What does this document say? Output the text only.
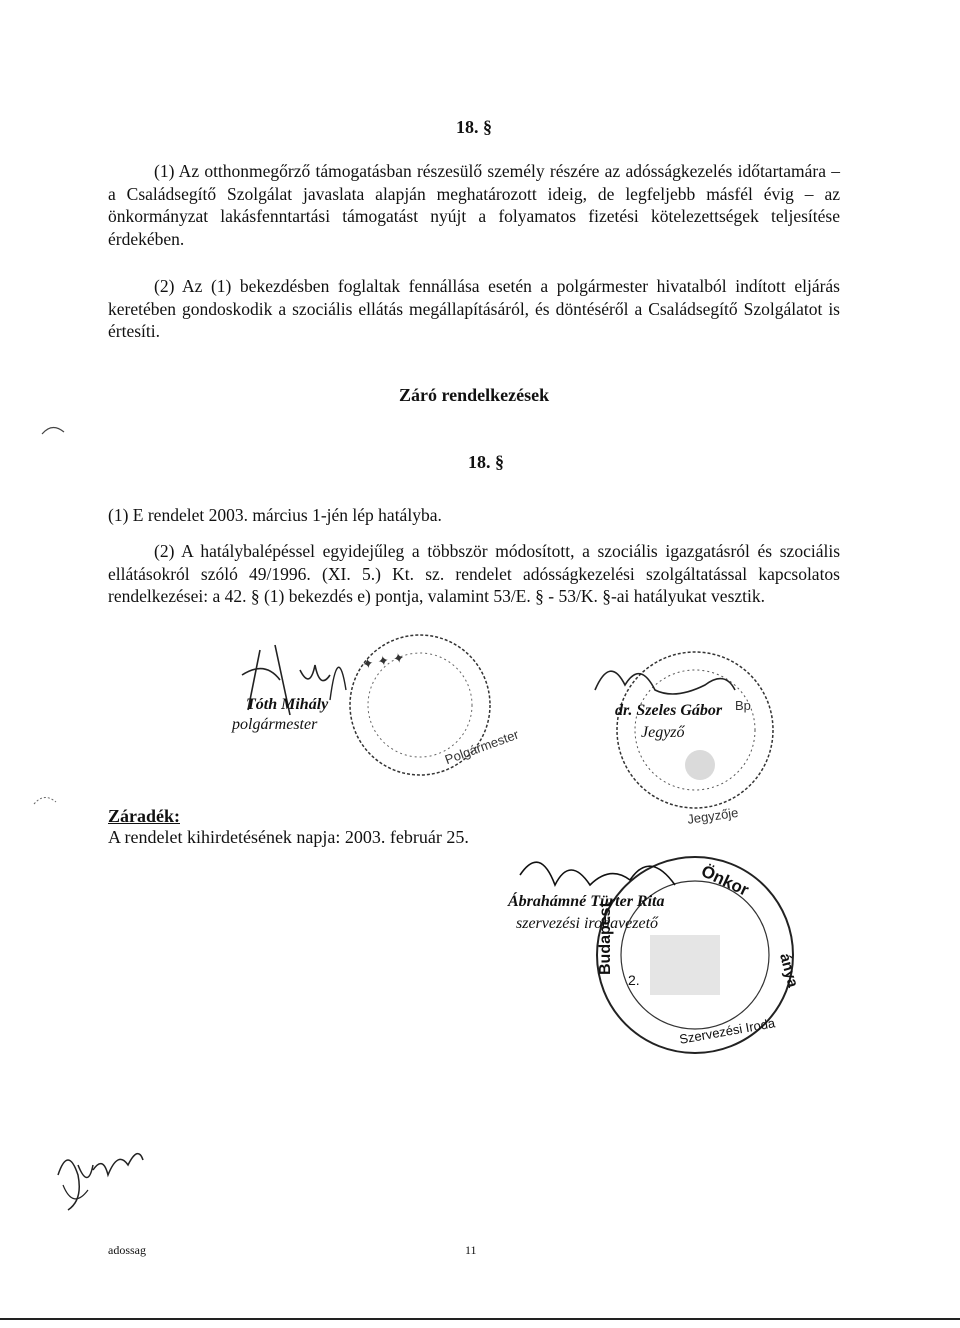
18. §
(1) Az otthonmegőrző támogatásban részesülő személy részére az adósságkezelés időtartamára – a Családsegítő Szolgálat javaslata alapján meghatározott ideig, de legfeljebb másfél évig – az önkormányzat lakásfenntartási támogatást nyújt a folyamatos fizetési kötelezettségek teljesítése érdekében.
(2) Az (1) bekezdésben foglaltak fennállása esetén a polgármester hivatalból indított eljárás keretében gondoskodik a szociális ellátás megállapításáról, és döntéséről a Családsegítő Szolgálatot is értesíti.
Záró rendelkezések
18. §
(1) E rendelet 2003. március 1-jén lép hatályba.
(2) A hatálybalépéssel egyidejűleg a többször módosított, a szociális igazgatásról és szociális ellátásokról szóló 49/1996. (XI. 5.) Kt. sz. rendelet adósságkezelési szolgáltatással kapcsolatos rendelkezései: a 42. § (1) bekezdés e) pontja, valamint 53/E. § - 53/K. §-ai hatályukat vesztik.
✦ ✦ ✦
Polgármester
Tóth Mihály
polgármester
Bp
Jegyzője
dr. Szeles Gábor
Jegyző
Záradék:
A rendelet kihirdetésének napja: 2003. február 25.
Önkor
Budapest	ánya
Szervezési Iroda
2.
Ábrahámné Türter Rita
szervezési irodavezető
adossag	11
